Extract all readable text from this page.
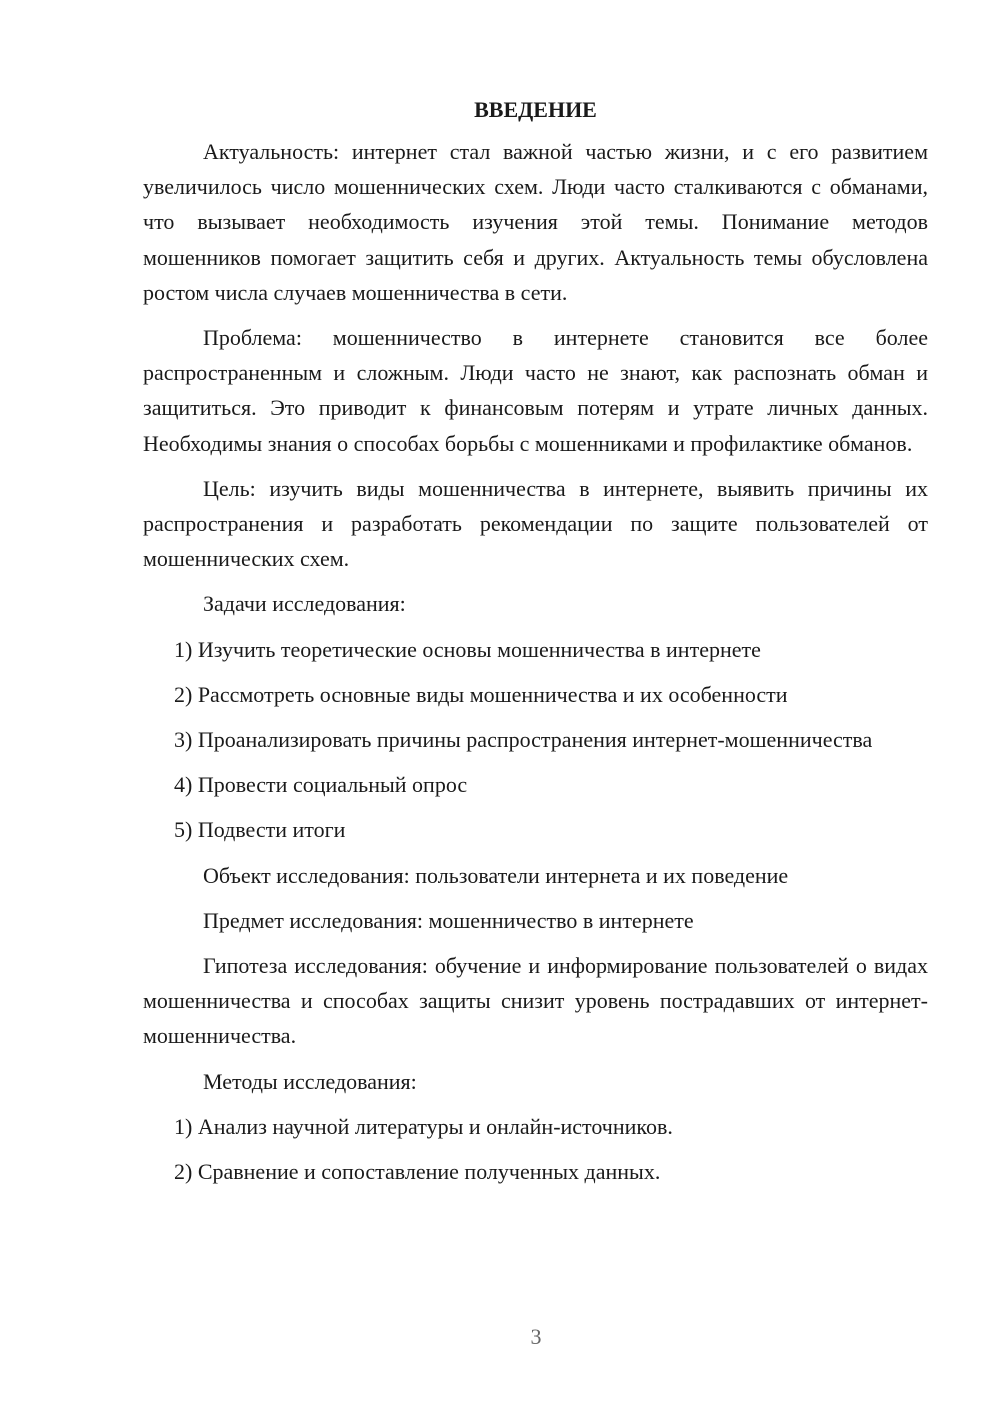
ВВЕДЕНИЕ

Актуальность: интернет стал важной частью жизни, и с его развитием увеличилось число мошеннических схем. Люди часто сталкиваются с обманами, что вызывает необходимость изучения этой темы. Понимание методов мошенников помогает защитить себя и других. Актуальность темы обусловлена ростом числа случаев мошенничества в сети.

Проблема: мошенничество в интернете становится все более распространенным и сложным. Люди часто не знают, как распознать обман и защититься. Это приводит к финансовым потерям и утрате личных данных. Необходимы знания о способах борьбы с мошенниками и профилактике обманов.

Цель: изучить виды мошенничества в интернете, выявить причины их распространения и разработать рекомендации по защите пользователей от мошеннических схем.

Задачи исследования:

1) Изучить теоретические основы мошенничества в интернете

2) Рассмотреть основные виды мошенничества и их особенности

3) Проанализировать причины распространения интернет-мошенничества

4) Провести социальный опрос

5) Подвести итоги

Объект исследования: пользователи интернета и их поведение

Предмет исследования: мошенничество в интернете

Гипотеза исследования: обучение и информирование пользователей о видах мошенничества и способах защиты снизит уровень пострадавших от интернет-мошенничества.

Методы исследования:

1) Анализ научной литературы и онлайн-источников.

2) Сравнение и сопоставление полученных данных.

3
